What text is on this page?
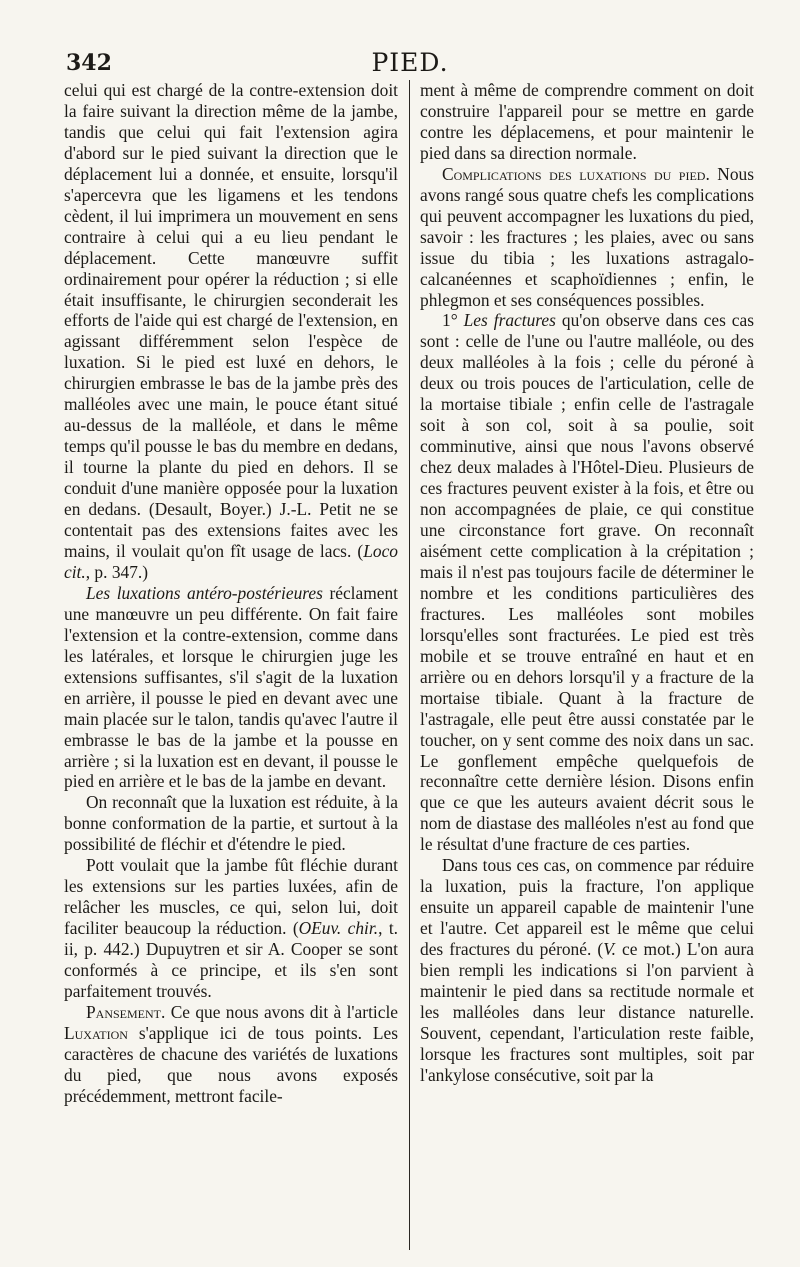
342	PIED.

celui qui est chargé de la contre-extension doit la faire suivant la direction même de la jambe, tandis que celui qui fait l'extension agira d'abord sur le pied suivant la direction que le déplacement lui a donnée, et ensuite, lorsqu'il s'apercevra que les ligamens et les tendons cèdent, il lui imprimera un mouvement en sens contraire à celui qui a eu lieu pendant le déplacement. Cette manœuvre suffit ordinairement pour opérer la réduction ; si elle était insuffisante, le chirurgien seconderait les efforts de l'aide qui est chargé de l'extension, en agissant différemment selon l'espèce de luxation. Si le pied est luxé en dehors, le chirurgien embrasse le bas de la jambe près des malléoles avec une main, le pouce étant situé au-dessus de la malléole, et dans le même temps qu'il pousse le bas du membre en dedans, il tourne la plante du pied en dehors. Il se conduit d'une manière opposée pour la luxation en dedans. (Desault, Boyer.) J.-L. Petit ne se contentait pas des extensions faites avec les mains, il voulait qu'on fît usage de lacs. (Loco cit., p. 347.)

Les luxations antéro-postérieures réclament une manœuvre un peu différente. On fait faire l'extension et la contre-extension, comme dans les latérales, et lorsque le chirurgien juge les extensions suffisantes, s'il s'agit de la luxation en arrière, il pousse le pied en devant avec une main placée sur le talon, tandis qu'avec l'autre il embrasse le bas de la jambe et la pousse en arrière ; si la luxation est en devant, il pousse le pied en arrière et le bas de la jambe en devant.

On reconnaît que la luxation est réduite, à la bonne conformation de la partie, et surtout à la possibilité de fléchir et d'étendre le pied.

Pott voulait que la jambe fût fléchie durant les extensions sur les parties luxées, afin de relâcher les muscles, ce qui, selon lui, doit faciliter beaucoup la réduction. (OEuv. chir., t. ii, p. 442.) Dupuytren et sir A. Cooper se sont conformés à ce principe, et ils s'en sont parfaitement trouvés.

Pansement. Ce que nous avons dit à l'article Luxation s'applique ici de tous points. Les caractères de chacune des variétés de luxations du pied, que nous avons exposés précédemment, mettront facile-

ment à même de comprendre comment on doit construire l'appareil pour se mettre en garde contre les déplacemens, et pour maintenir le pied dans sa direction normale.

Complications des luxations du pied. Nous avons rangé sous quatre chefs les complications qui peuvent accompagner les luxations du pied, savoir : les fractures ; les plaies, avec ou sans issue du tibia ; les luxations astragalo-calcanéennes et scaphoïdiennes ; enfin, le phlegmon et ses conséquences possibles.

1° Les fractures qu'on observe dans ces cas sont : celle de l'une ou l'autre malléole, ou des deux malléoles à la fois ; celle du péroné à deux ou trois pouces de l'articulation, celle de la mortaise tibiale ; enfin celle de l'astragale soit à son col, soit à sa poulie, soit comminutive, ainsi que nous l'avons observé chez deux malades à l'Hôtel-Dieu. Plusieurs de ces fractures peuvent exister à la fois, et être ou non accompagnées de plaie, ce qui constitue une circonstance fort grave. On reconnaît aisément cette complication à la crépitation ; mais il n'est pas toujours facile de déterminer le nombre et les conditions particulières des fractures. Les malléoles sont mobiles lorsqu'elles sont fracturées. Le pied est très mobile et se trouve entraîné en haut et en arrière ou en dehors lorsqu'il y a fracture de la mortaise tibiale. Quant à la fracture de l'astragale, elle peut être aussi constatée par le toucher, on y sent comme des noix dans un sac. Le gonflement empêche quelquefois de reconnaître cette dernière lésion. Disons enfin que ce que les auteurs avaient décrit sous le nom de diastase des malléoles n'est au fond que le résultat d'une fracture de ces parties.

Dans tous ces cas, on commence par réduire la luxation, puis la fracture, l'on applique ensuite un appareil capable de maintenir l'une et l'autre. Cet appareil est le même que celui des fractures du péroné. (V. ce mot.) L'on aura bien rempli les indications si l'on parvient à maintenir le pied dans sa rectitude normale et les malléoles dans leur distance naturelle. Souvent, cependant, l'articulation reste faible, lorsque les fractures sont multiples, soit par l'ankylose consécutive, soit par la
